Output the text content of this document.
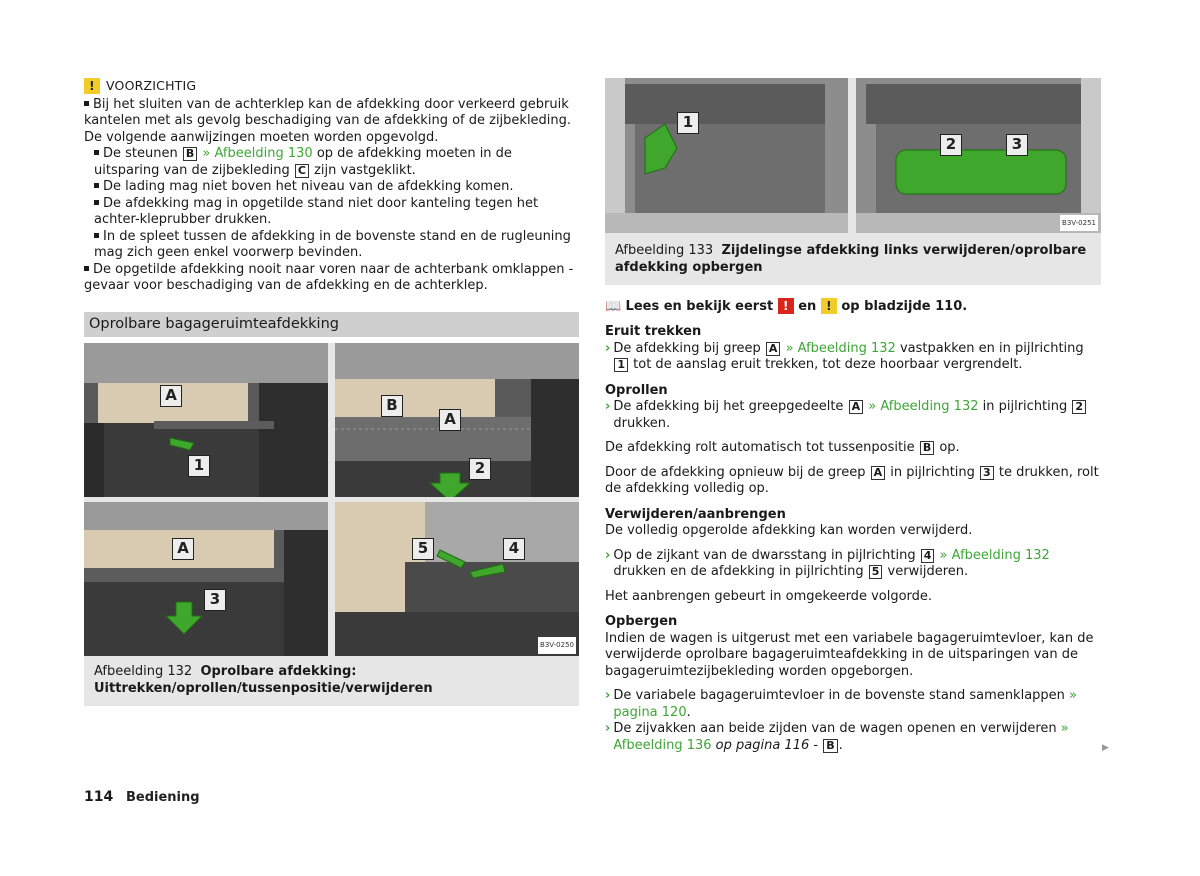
! VOORZICHTIG

Bij het sluiten van de achterklep kan de afdekking door verkeerd gebruik kantelen met als gevolg beschadiging van de afdekking of de zijbekleding. De volgende aanwijzingen moeten worden opgevolgd.

De steunen B » Afbeelding 130 op de afdekking moeten in de uitsparing van de zijbekleding C zijn vastgeklikt.

De lading mag niet boven het niveau van de afdekking komen.

De afdekking mag in opgetilde stand niet door kanteling tegen het achter-kleprubber drukken.

In de spleet tussen de afdekking in de bovenste stand en de rugleuning mag zich geen enkel voorwerp bevinden.

De opgetilde afdekking nooit naar voren naar de achterbank omklappen - gevaar voor beschadiging van de afdekking en de achterklep.

Oprolbare bagageruimteafdekking
A
1
B
A
2
A
3
5	4
B3V-0250
Afbeelding 132 Oprolbare afdekking: Uittrekken/oprollen/tussenpositie/verwijderen
1
2	3
B3V-0251
Afbeelding 133 Zijdelingse afdekking links verwijderen/oprolbare afdekking opbergen

📖 Lees en bekijk eerst ! en ! op bladzijde 110.

Eruit trekken

› De afdekking bij greep A » Afbeelding 132 vastpakken en in pijlrichting 1 tot de aanslag eruit trekken, tot deze hoorbaar vergrendelt.

Oprollen

› De afdekking bij het greepgedeelte A » Afbeelding 132 in pijlrichting 2 drukken.

De afdekking rolt automatisch tot tussenpositie B op.

Door de afdekking opnieuw bij de greep A in pijlrichting 3 te drukken, rolt de afdekking volledig op.

Verwijderen/aanbrengen

De volledig opgerolde afdekking kan worden verwijderd.

› Op de zijkant van de dwarsstang in pijlrichting 4 » Afbeelding 132 drukken en de afdekking in pijlrichting 5 verwijderen.

Het aanbrengen gebeurt in omgekeerde volgorde.

Opbergen

Indien de wagen is uitgerust met een variabele bagageruimtevloer, kan de verwijderde oprolbare bagageruimteafdekking in de uitsparingen van de bagageruimtezijbekleding worden opgeborgen.

› De variabele bagageruimtevloer in de bovenste stand samenklappen » pagina 120.
› De zijvakken aan beide zijden van de wagen openen en verwijderen » Afbeelding 136 op pagina 116 - B .	▶
114 Bediening
